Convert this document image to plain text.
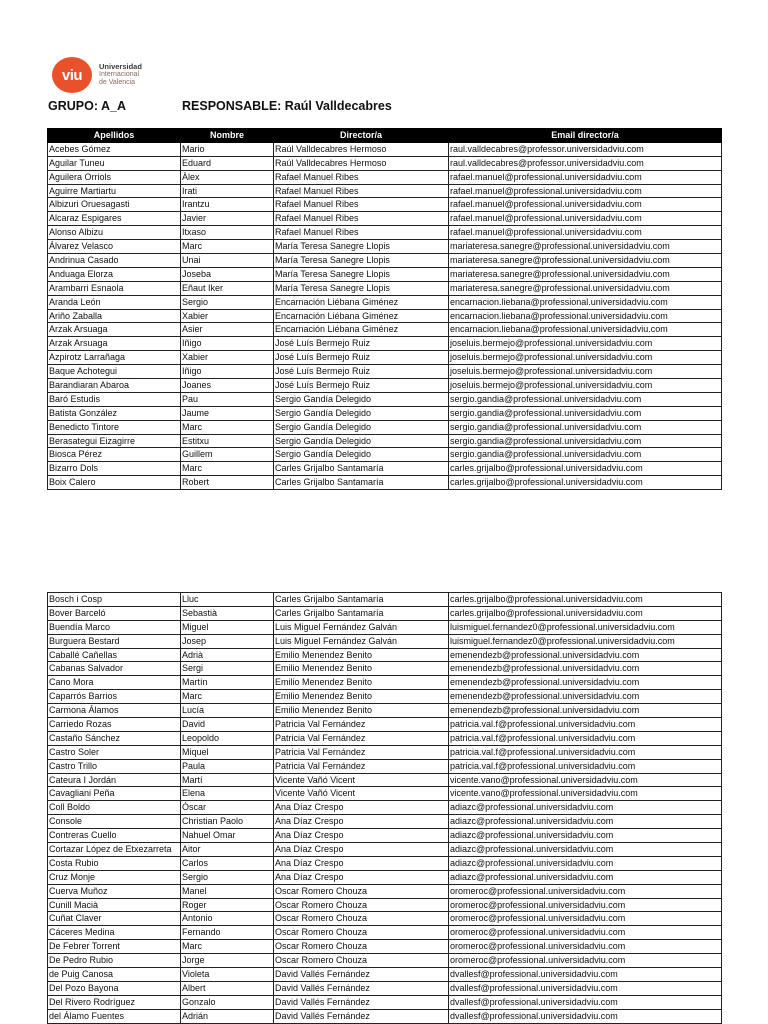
viu	Universidad
Internacional
de Valencia
GRUPO: A_A	RESPONSABLE: Raúl Valldecabres
Apellidos	Nombre	Director/a	Email director/a
Acebes Gómez	Mario	Raúl Valldecabres Hermoso	raul.valldecabres@professor.universidadviu.com
Aguilar Tuneu	Eduard	Raúl Valldecabres Hermoso	raul.valldecabres@professor.universidadviu.com
Aguilera Orriols	Àlex	Rafael Manuel Ribes	rafael.manuel@professional.universidadviu.com
Aguirre Martiartu	Irati	Rafael Manuel Ribes	rafael.manuel@professional.universidadviu.com
Albizuri Oruesagasti	Irantzu	Rafael Manuel Ribes	rafael.manuel@professional.universidadviu.com
Alcaraz Espigares	Javier	Rafael Manuel Ribes	rafael.manuel@professional.universidadviu.com
Alonso Albizu	Itxaso	Rafael Manuel Ribes	rafael.manuel@professional.universidadviu.com
Álvarez Velasco	Marc	María Teresa Sanegre Llopis	mariateresa.sanegre@professional.universidadviu.com
Andrinua Casado	Unai	María Teresa Sanegre Llopis	mariateresa.sanegre@professional.universidadviu.com
Anduaga Elorza	Joseba	María Teresa Sanegre Llopis	mariateresa.sanegre@professional.universidadviu.com
Arambarri Esnaola	Eñaut Iker	María Teresa Sanegre Llopis	mariateresa.sanegre@professional.universidadviu.com
Aranda León	Sergio	Encarnación Liébana Giménez	encarnacion.liebana@professional.universidadviu.com
Ariño Zaballa	Xabier	Encarnación Liébana Giménez	encarnacion.liebana@professional.universidadviu.com
Arzak Arsuaga	Asier	Encarnación Liébana Giménez	encarnacion.liebana@professional.universidadviu.com
Arzak Arsuaga	Iñigo	José Luís Bermejo Ruiz	joseluis.bermejo@professional.universidadviu.com
Azpirotz Larrañaga	Xabier	José Luís Bermejo Ruiz	joseluis.bermejo@professional.universidadviu.com
Baque Achotegui	Iñigo	José Luís Bermejo Ruiz	joseluis.bermejo@professional.universidadviu.com
Barandiaran Abaroa	Joanes	José Luís Bermejo Ruiz	joseluis.bermejo@professional.universidadviu.com
Baró Estudis	Pau	Sergio Gandía Delegido	sergio.gandia@professional.universidadviu.com
Batista González	Jaume	Sergio Gandía Delegido	sergio.gandia@professional.universidadviu.com
Benedicto Tintore	Marc	Sergio Gandía Delegido	sergio.gandia@professional.universidadviu.com
Berasategui Eizagirre	Estitxu	Sergio Gandía Delegido	sergio.gandia@professional.universidadviu.com
Biosca Pérez	Guillem	Sergio Gandía Delegido	sergio.gandia@professional.universidadviu.com
Bizarro Dols	Marc	Carles Grijalbo Santamaría	carles.grijalbo@professional.universidadviu.com
Boix Calero	Robert	Carles Grijalbo Santamaría	carles.grijalbo@professional.universidadviu.com
Bosch i Cosp	Lluc	Carles Grijalbo Santamaría	carles.grijalbo@professional.universidadviu.com
Bover Barceló	Sebastià	Carles Grijalbo Santamaría	carles.grijalbo@professional.universidadviu.com
Buendía Marco	Miguel	Luis Miguel Fernández Galván	luismiguel.fernandez0@professional.universidadviu.com
Burguera Bestard	Josep	Luis Miguel Fernández Galván	luismiguel.fernandez0@professional.universidadviu.com
Caballé Cañellas	Adrià	Emilio Menendez Benito	emenendezb@professional.universidadviu.com
Cabanas Salvador	Sergi	Emilio Menendez Benito	emenendezb@professional.universidadviu.com
Cano Mora	Martín	Emilio Menendez Benito	emenendezb@professional.universidadviu.com
Caparrós Barrios	Marc	Emilio Menendez Benito	emenendezb@professional.universidadviu.com
Carmona Álamos	Lucía	Emilio Menendez Benito	emenendezb@professional.universidadviu.com
Carriedo Rozas	David	Patricia Val Fernández	patricia.val.f@professional.universidadviu.com
Castaño Sánchez	Leopoldo	Patricia Val Fernández	patricia.val.f@professional.universidadviu.com
Castro Soler	Miquel	Patricia Val Fernández	patricia.val.f@professional.universidadviu.com
Castro Trillo	Paula	Patricia Val Fernández	patricia.val.f@professional.universidadviu.com
Cateura I Jordán	Martí	Vicente Vañó Vicent	vicente.vano@professional.universidadviu.com
Cavagliani Peña	Elena	Vicente Vañó Vicent	vicente.vano@professional.universidadviu.com
Coll Boldo	Óscar	Ana Díaz Crespo	adiazc@professional.universidadviu.com
Console	Christian Paolo	Ana Díaz Crespo	adiazc@professional.universidadviu.com
Contreras Cuello	Nahuel Omar	Ana Díaz Crespo	adiazc@professional.universidadviu.com
Cortazar López de Etxezarreta	Aitor	Ana Díaz Crespo	adiazc@professional.universidadviu.com
Costa Rubio	Carlos	Ana Díaz Crespo	adiazc@professional.universidadviu.com
Cruz Monje	Sergio	Ana Díaz Crespo	adiazc@professional.universidadviu.com
Cuerva Muñoz	Manel	Oscar Romero Chouza	oromeroc@professional.universidadviu.com
Cunill Macià	Roger	Oscar Romero Chouza	oromeroc@professional.universidadviu.com
Cuñat Claver	Antonio	Oscar Romero Chouza	oromeroc@professional.universidadviu.com
Cáceres Medina	Fernando	Oscar Romero Chouza	oromeroc@professional.universidadviu.com
De Febrer Torrent	Marc	Oscar Romero Chouza	oromeroc@professional.universidadviu.com
De Pedro Rubio	Jorge	Oscar Romero Chouza	oromeroc@professional.universidadviu.com
de Puig Canosa	Violeta	David Vallés Fernández	dvallesf@professional.universidadviu.com
Del Pozo Bayona	Albert	David Vallés Fernández	dvallesf@professional.universidadviu.com
Del Rivero Rodríguez	Gonzalo	David Vallés Fernández	dvallesf@professional.universidadviu.com
del Álamo Fuentes	Adrián	David Vallés Fernández	dvallesf@professional.universidadviu.com
